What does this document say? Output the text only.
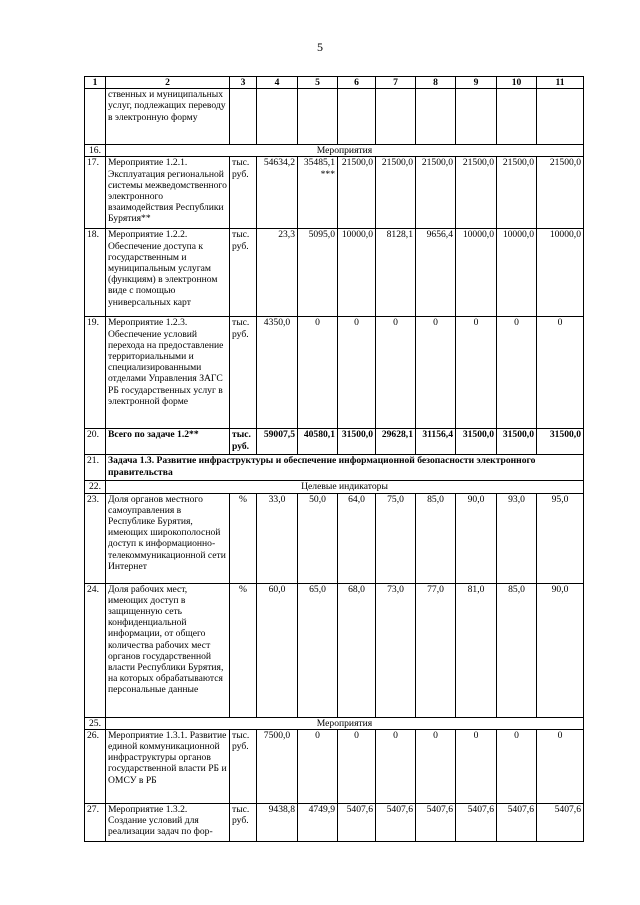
5
1	2	3	4	5	6	7	8	9	10	11
	ственных и муниципальных услуг, подлежащих переводу в электронную форму									
16.	Мероприятия									
17.	Мероприятие 1.2.1. Эксплуатация региональной системы межведомственного электронного взаимодействия Республики Бурятия**	тыс. руб.	54634,2	35485,1***	21500,0	21500,0	21500,0	21500,0	21500,0	21500,0
18.	Мероприятие 1.2.2. Обеспечение доступа к государственным и муниципальным услугам (функциям) в электронном виде с помощью универсальных карт	тыс. руб.	23,3	5095,0	10000,0	8128,1	9656,4	10000,0	10000,0	10000,0
19.	Мероприятие 1.2.3. Обеспечение условий перехода на предоставление территориальными и специализированными отделами Управления ЗАГС РБ государственных услуг в электронной форме	тыс. руб.	4350,0	0	0	0	0	0	0	0
20.	Всего по задаче 1.2**	тыс. руб.	59007,5	40580,1	31500,0	29628,1	31156,4	31500,0	31500,0	31500,0
21.	Задача 1.3. Развитие инфраструктуры и обеспечение информационной безопасности электронного правительства									
22.	Целевые индикаторы									
23.	Доля органов местного самоуправления в Республике Бурятия, имеющих широкополосной доступ к информационно-телекоммуникационной сети Интернет	%	33,0	50,0	64,0	75,0	85,0	90,0	93,0	95,0
24.	Доля рабочих мест, имеющих доступ в защищенную сеть конфиденциальной информации, от общего количества рабочих мест органов государственной власти Республики Бурятия, на которых обрабатываются персональные данные	%	60,0	65,0	68,0	73,0	77,0	81,0	85,0	90,0
25.	Мероприятия									
26.	Мероприятие 1.3.1. Развитие единой коммуникационной инфраструктуры органов государственной власти РБ и ОМСУ в РБ	тыс. руб.	7500,0	0	0	0	0	0	0	0
27.	Мероприятие 1.3.2. Создание условий для реализации задач по фор-	тыс. руб.	9438,8	4749,9	5407,6	5407,6	5407,6	5407,6	5407,6	5407,6
